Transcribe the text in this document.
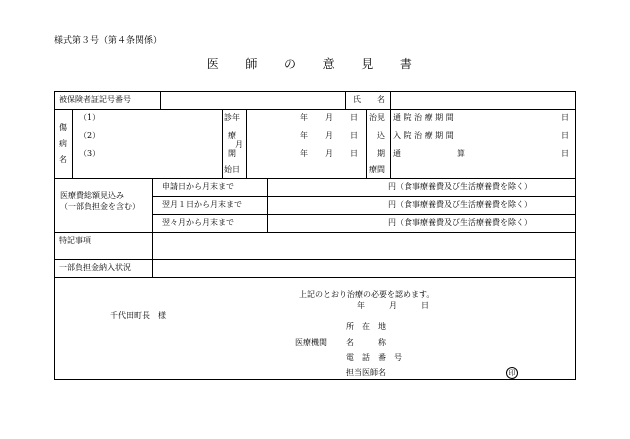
様式第３号（第４条関係）
医 師 の 意 見 書
被保険者証記号番号	氏　　名
傷
病
名
（1）
（2）
（3）
診年
療
月
開
始日
年 月 日
年 月 日
年 月 日
治見
込
期
療間
通 院 治 療 期 間
入 院 治 療 期 間
通　　　　　　　算
日
日
日
医療費総額見込み
（一部負担金を含む）
申請日から月末まで
翌月１日から月末まで
翌々月から月末まで
円（食事療養費及び生活療養費を除く）
円（食事療養費及び生活療養費を除く）
円（食事療養費及び生活療養費を除く）
特記事項
一部負担金納入状況
上記のとおり治療の必要を認めます。
年　　　月　　　日
千代田町長　様
所　在　地
医療機関 名　　　称
電　話　番　号
担当医師名	印
